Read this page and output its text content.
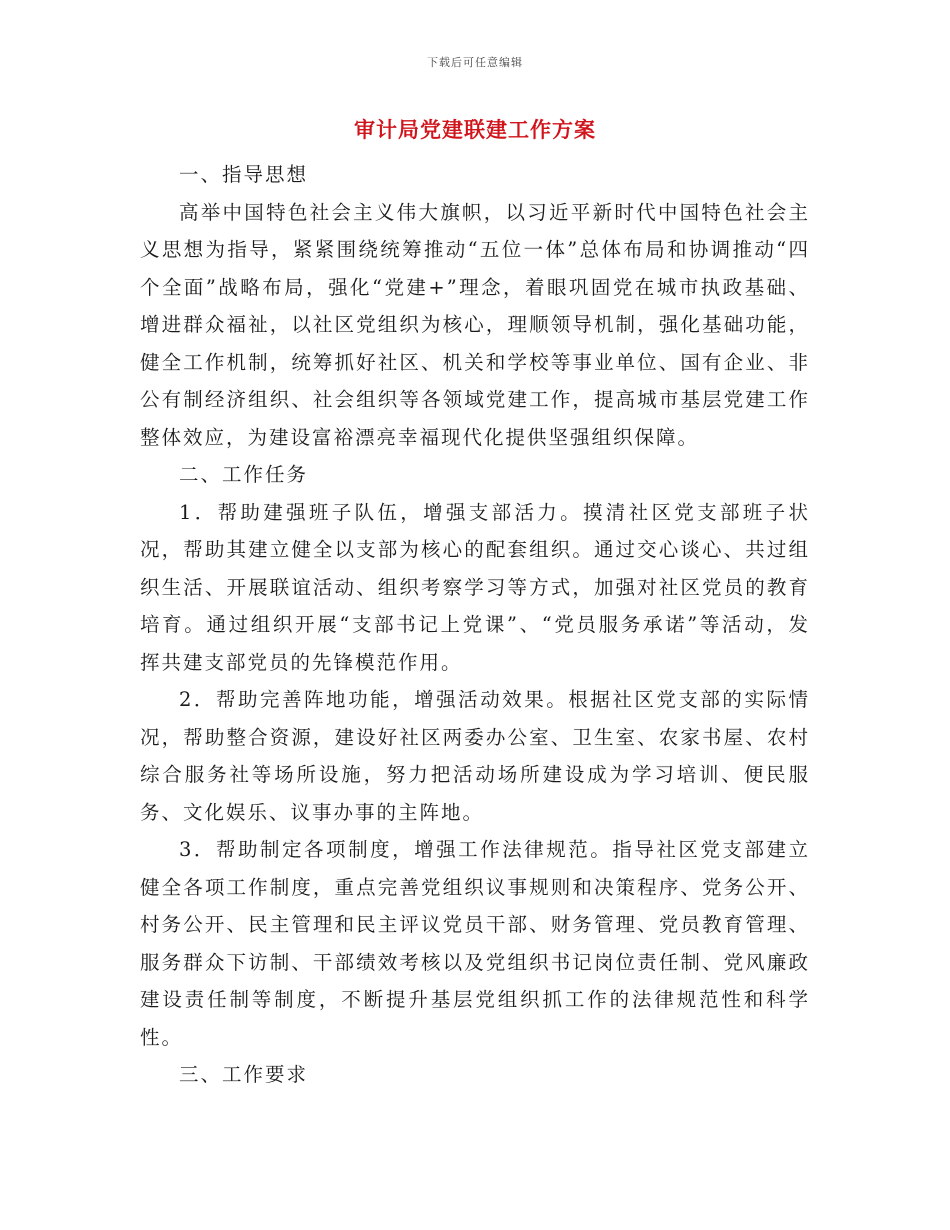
下载后可任意编辑
审计局党建联建工作方案

一、指导思想

高举中国特色社会主义伟大旗帜，以习近平新时代中国特色社会主义思想为指导，紧紧围绕统筹推动“五位一体”总体布局和协调推动“四个全面”战略布局，强化“党建+”理念，着眼巩固党在城市执政基础、增进群众福祉，以社区党组织为核心，理顺领导机制，强化基础功能，健全工作机制，统筹抓好社区、机关和学校等事业单位、国有企业、非公有制经济组织、社会组织等各领域党建工作，提高城市基层党建工作整体效应，为建设富裕漂亮幸福现代化提供坚强组织保障。

二、工作任务

1．帮助建强班子队伍，增强支部活力。摸清社区党支部班子状况，帮助其建立健全以支部为核心的配套组织。通过交心谈心、共过组织生活、开展联谊活动、组织考察学习等方式，加强对社区党员的教育培育。通过组织开展“支部书记上党课”、“党员服务承诺”等活动，发挥共建支部党员的先锋模范作用。

2．帮助完善阵地功能，增强活动效果。根据社区党支部的实际情况，帮助整合资源，建设好社区两委办公室、卫生室、农家书屋、农村综合服务社等场所设施，努力把活动场所建设成为学习培训、便民服务、文化娱乐、议事办事的主阵地。

3．帮助制定各项制度，增强工作法律规范。指导社区党支部建立健全各项工作制度，重点完善党组织议事规则和决策程序、党务公开、村务公开、民主管理和民主评议党员干部、财务管理、党员教育管理、服务群众下访制、干部绩效考核以及党组织书记岗位责任制、党风廉政建设责任制等制度，不断提升基层党组织抓工作的法律规范性和科学性。

三、工作要求
